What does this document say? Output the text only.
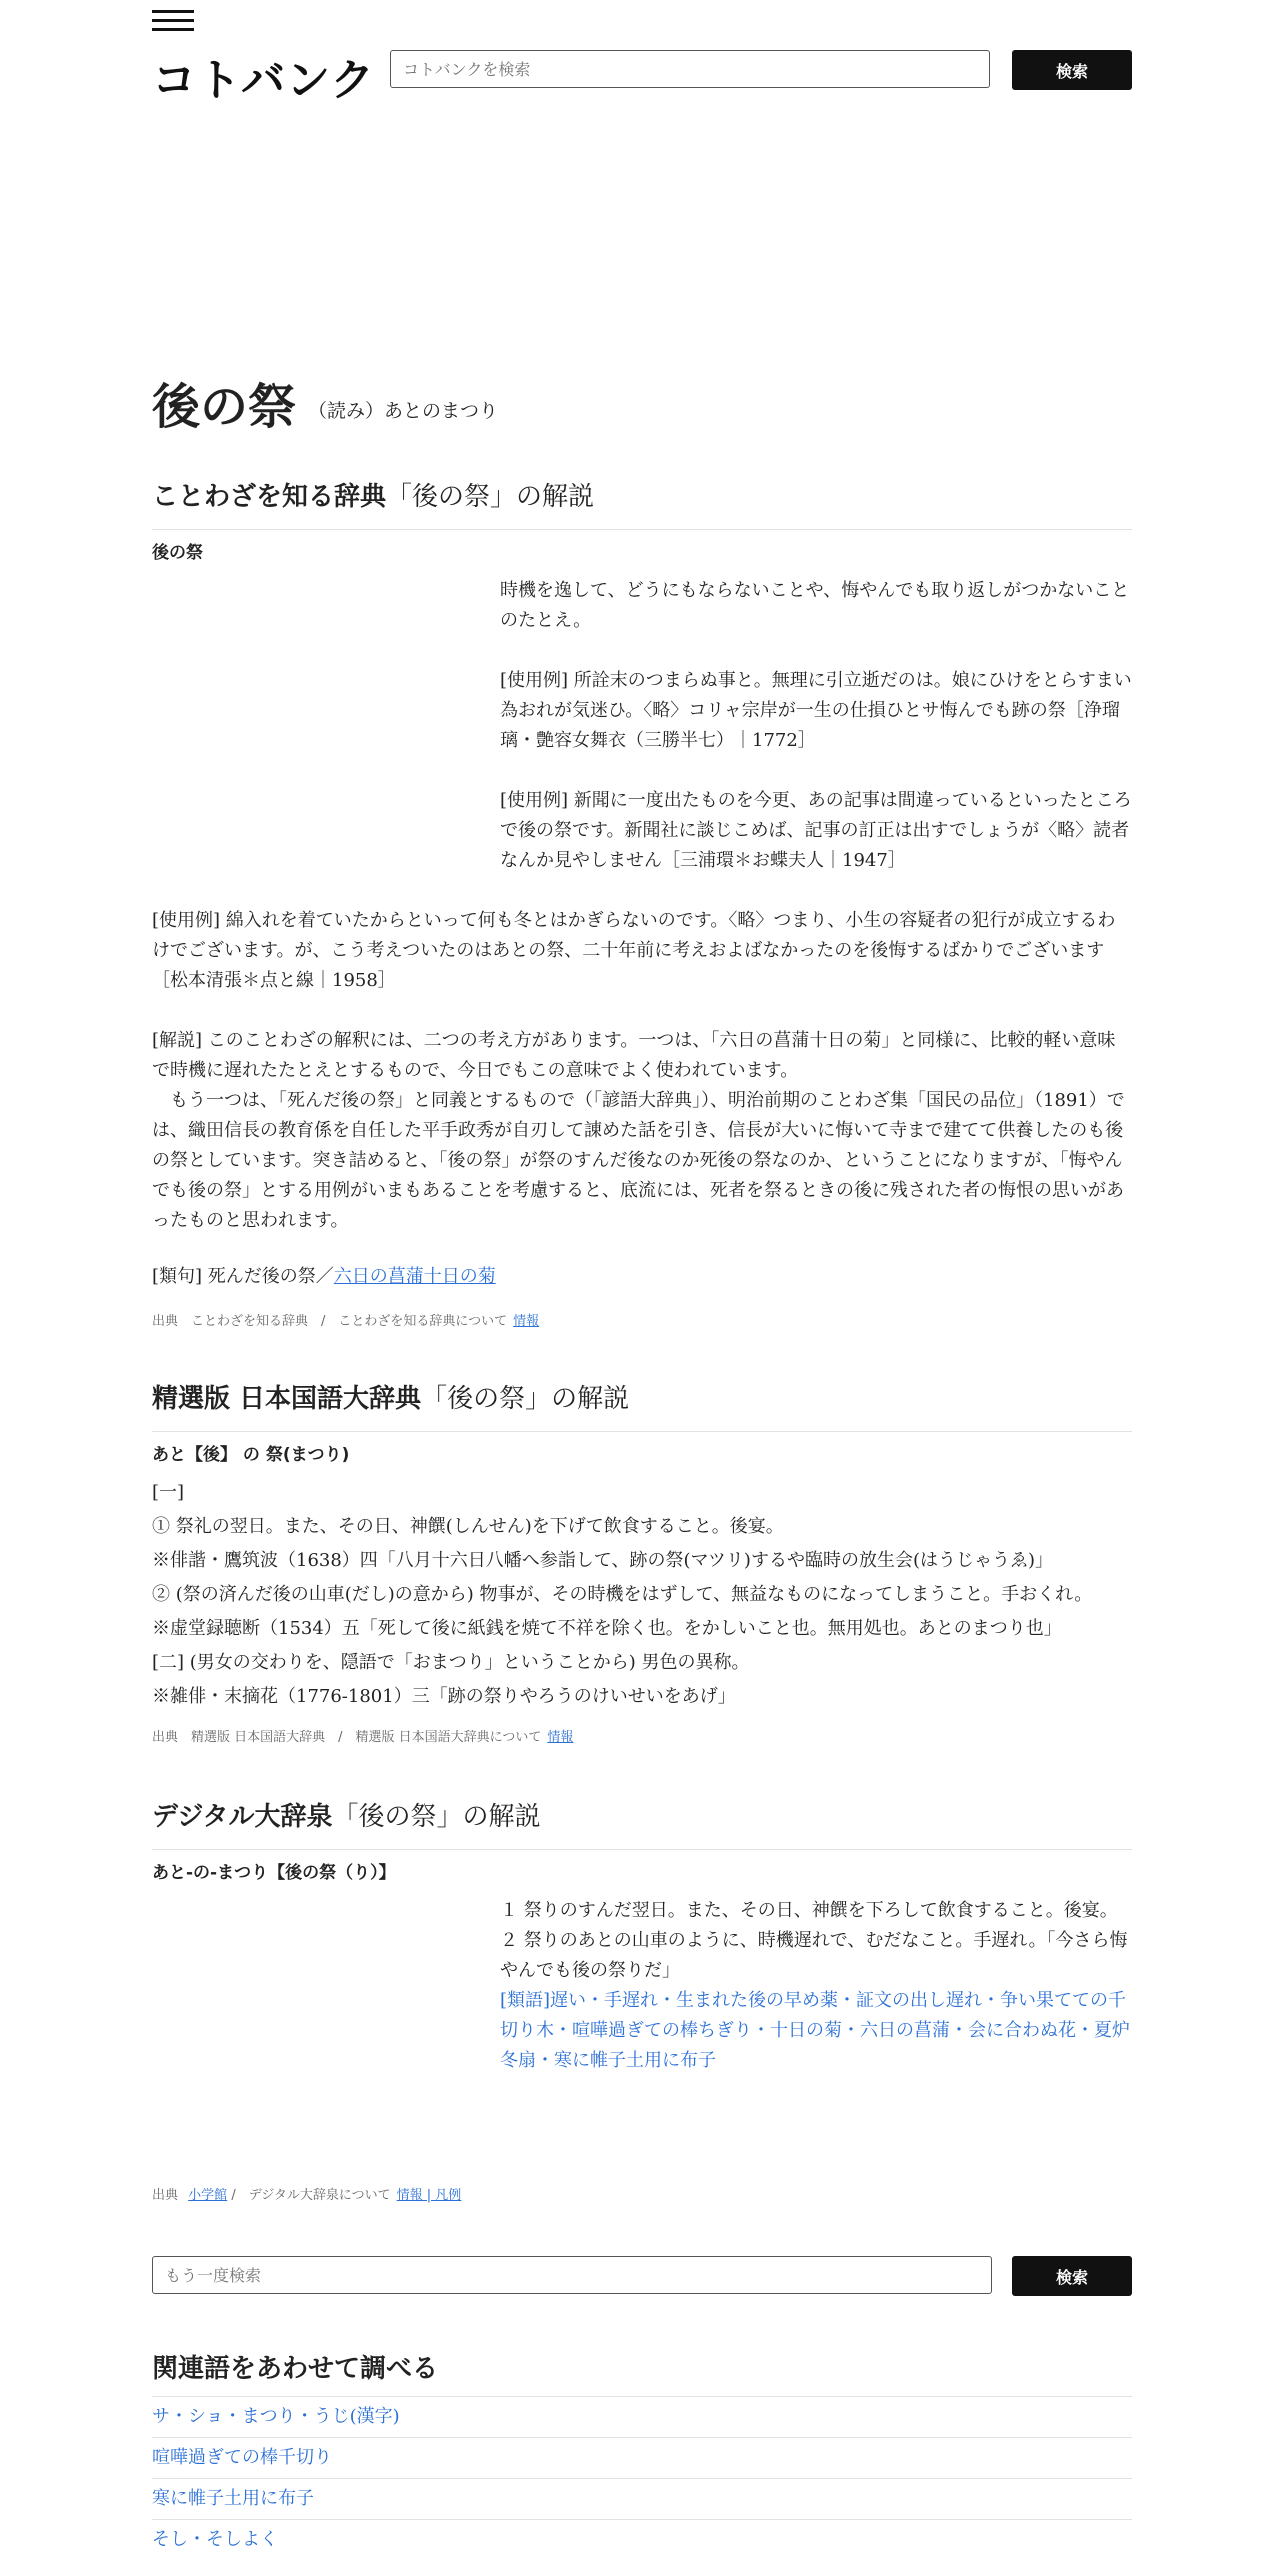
コトバンク
コトバンクを検索	検索
後の祭 （読み）あとのまつり
ことわざを知る辞典「後の祭」の解説
後の祭
時機を逸して、どうにもならないことや、悔やんでも取り返しがつかないことのたとえ。
[使用例] 所詮末のつまらぬ事と。無理に引立逝だのは。娘にひけをとらすまい為おれが気迷ひ。〈略〉コリャ宗岸が一生の仕損ひとサ悔んでも跡の祭［浄瑠璃・艶容女舞衣（三勝半七）｜1772］
[使用例] 新聞に一度出たものを今更、あの記事は間違っているといったところで後の祭です。新聞社に談じこめば、記事の訂正は出すでしょうが〈略〉読者なんか見やしません［三浦環＊お蝶夫人｜1947］
[使用例] 綿入れを着ていたからといって何も冬とはかぎらないのです。〈略〉つまり、小生の容疑者の犯行が成立するわけでございます。が、こう考えついたのはあとの祭、二十年前に考えおよばなかったのを後悔するばかりでございます［松本清張＊点と線｜1958］
[解説] このことわざの解釈には、二つの考え方があります。一つは、「六日の菖蒲十日の菊」と同様に、比較的軽い意味で時機に遅れたたとえとするもので、今日でもこの意味でよく使われています。
もう一つは、「死んだ後の祭」と同義とするもので（「諺語大辞典」）、明治前期のことわざ集「国民の品位」（1891）では、織田信長の教育係を自任した平手政秀が自刃して諌めた話を引き、信長が大いに悔いて寺まで建てて供養したのも後の祭としています。突き詰めると、「後の祭」が祭のすんだ後なのか死後の祭なのか、ということになりますが、「悔やんでも後の祭」とする用例がいまもあることを考慮すると、底流には、死者を祭るときの後に残された者の悔恨の思いがあったものと思われます。
[類句] 死んだ後の祭／六日の菖蒲十日の菊
出典　ことわざを知る辞典　/　ことわざを知る辞典について 情報
精選版 日本国語大辞典「後の祭」の解説
あと【後】 の 祭(まつり)
[一]
① 祭礼の翌日。また、その日、神饌(しんせん)を下げて飲食すること。後宴。
※俳諧・鷹筑波（1638）四「八月十六日八幡へ参詣して、跡の祭(マツリ)するや臨時の放生会(はうじゃうゑ)」
② (祭の済んだ後の山車(だし)の意から) 物事が、その時機をはずして、無益なものになってしまうこと。手おくれ。
※虚堂録聴断（1534）五「死して後に紙銭を焼て不祥を除く也。をかしいこと也。無用処也。あとのまつり也」
[二] (男女の交わりを、隠語で「おまつり」ということから) 男色の異称。
※雑俳・末摘花（1776-1801）三「跡の祭りやろうのけいせいをあげ」
出典　精選版 日本国語大辞典　/　精選版 日本国語大辞典について 情報
デジタル大辞泉「後の祭」の解説
あと-の-まつり【後の祭（り）】
１ 祭りのすんだ翌日。また、その日、神饌を下ろして飲食すること。後宴。
２ 祭りのあとの山車のように、時機遅れで、むだなこと。手遅れ。「今さら悔やんでも後の祭りだ」
[類語]遅い・手遅れ・生まれた後の早め薬・証文の出し遅れ・争い果てての千切り木・喧嘩過ぎての棒ちぎり・十日の菊・六日の菖蒲・会に合わぬ花・夏炉冬扇・寒に帷子土用に布子
出典 小学館 /　デジタル大辞泉について 情報 | 凡例
もう一度検索
検索
関連語をあわせて調べる
サ・ショ・まつり・うじ(漢字)
喧嘩過ぎての棒千切り
寒に帷子土用に布子
そし・そしよく
